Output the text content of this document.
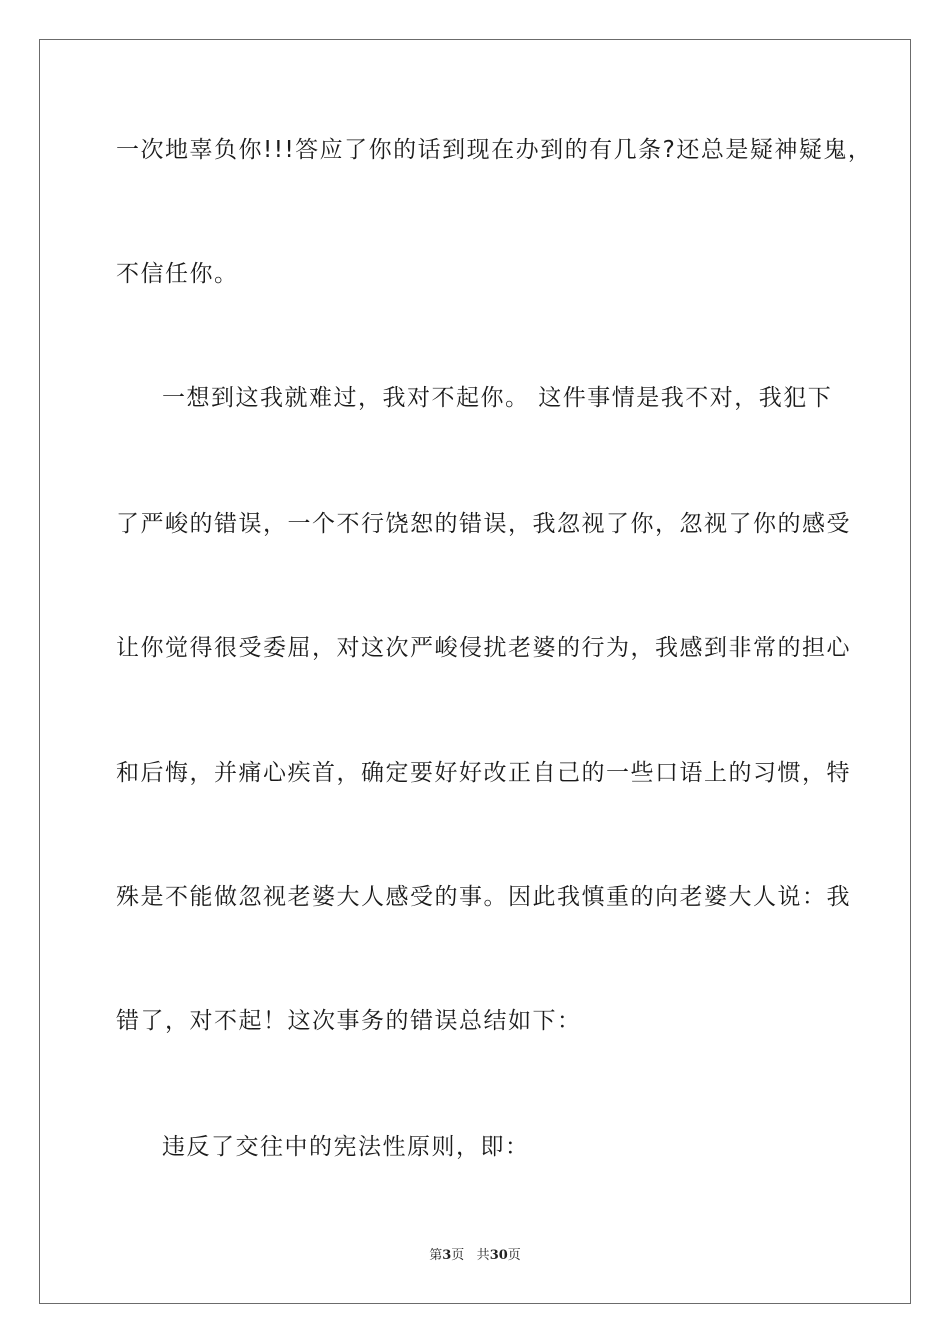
一次地辜负你!!!答应了你的话到现在办到的有几条?还总是疑神疑鬼，
不信任你。
一想到这我就难过，我对不起你。 这件事情是我不对，我犯下
了严峻的错误，一个不行饶恕的错误，我忽视了你，忽视了你的感受
让你觉得很受委屈，对这次严峻侵扰老婆的行为，我感到非常的担心
和后悔，并痛心疾首，确定要好好改正自己的一些口语上的习惯，特
殊是不能做忽视老婆大人感受的事。因此我慎重的向老婆大人说：我
错了，对不起！这次事务的错误总结如下：
违反了交往中的宪法性原则，即：
第3页 共30页
